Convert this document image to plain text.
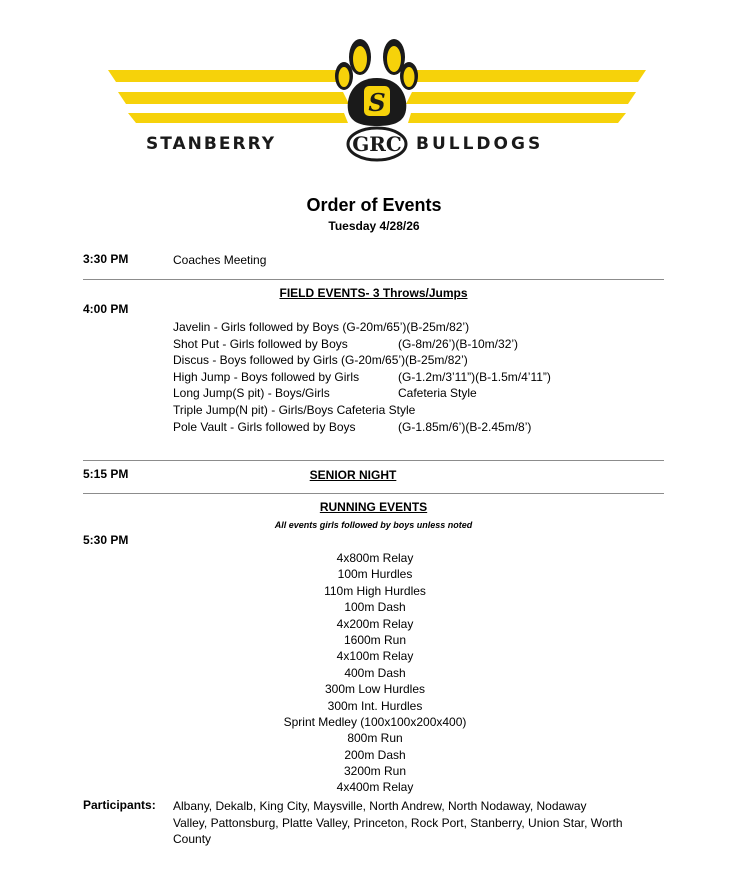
S
STANBERRY	BULLDOGS
GRC
Order of Events
Tuesday 4/28/26
3:30 PM	Coaches Meeting
FIELD EVENTS- 3 Throws/Jumps
4:00 PM
Javelin - Girls followed by Boys (G-20m/65’)(B-25m/82’)
Shot Put - Girls followed by Boys	(G-8m/26’)(B-10m/32’)
Discus - Boys followed by Girls (G-20m/65’)(B-25m/82’)
High Jump - Boys followed by Girls	(G-1.2m/3’11”)(B-1.5m/4’11”)
Long Jump(S pit) - Boys/Girls	Cafeteria Style
Triple Jump(N pit) - Girls/Boys Cafeteria Style
Pole Vault - Girls followed by Boys	(G-1.85m/6’)(B-2.45m/8’)
5:15 PM	SENIOR NIGHT
RUNNING EVENTS
All events girls followed by boys unless noted
5:30 PM
4x800m Relay
100m Hurdles
110m High Hurdles
100m Dash
4x200m Relay
1600m Run
4x100m Relay
400m Dash
300m Low Hurdles
300m Int. Hurdles
Sprint Medley (100x100x200x400)
800m Run
200m Dash
3200m Run
4x400m Relay
Participants: Albany, Dekalb, King City, Maysville, North Andrew, North Nodaway, Nodaway Valley, Pattonsburg, Platte Valley, Princeton, Rock Port, Stanberry, Union Star, Worth County
